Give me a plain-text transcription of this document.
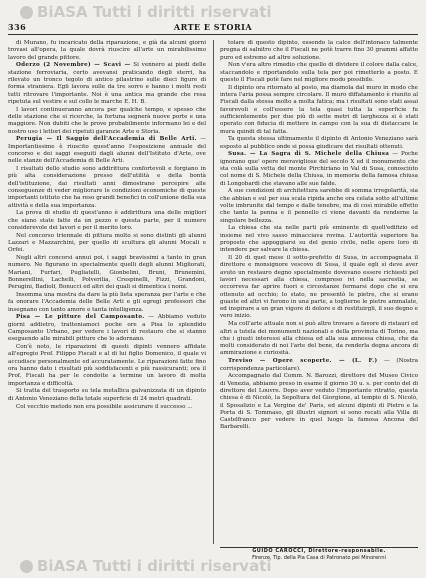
BiASA Tutti i diritti riservati
336	ARTE E STORIA

di Murano, fu incaricato della riparazione, e già da alcuni giorni trovasi all'opera, la quale dovrà riuscire all'arte un mirabilissimo lavoro del grande pittore.

Oderzo (2 Novembre) — Scavi — Si vennero ai piedi delle stazione ferroviaria, certo avevansi praticando degli sterri, ha rilevato un tronco tegolo di antico pilastrino sulle dieci figure di forma straniera. Egli lavora sulle da tre sorro e hanno i molti resti tutti ritrovare l'importante. Noi è una antica ma grande che resa ripetuta sul vestire e sul collo le marche E. H. B.

I lavori continueranno ancora per qualche tempo, e spesso che delle stazione che si ricerche, la fortuna segnerà nuove porte e una maggiore. Non dubiti che le prove probabilmente informano lei e del nostro uso i lettori dei ripetuti garanzie Arte e Storia.

Perugia — Il Saggio dell'Accademia di Belle Arti. — Importantissime è riuscito quest'anno l'esposizione annuale del concorso e dei saggi eseguiti dagli alunni dell'Istituto d'Arte, ove nelle stanze dell'Accademia di Belle Arti.

I risultati dello studio sono addirittura confortevoli e forgiano in più alta considerazione presso dell'utilità e della bontà dell'istituzione, dai risultati anni dimostrano percepire alle conseguenze di veder migliorare le condizioni economiche di queste importanti istituto che ha reso grandi benefici in coll'unione della sua attività e della sua importanza.

La prova di studio di quest'anno è addirittura una delle migliori che siano state fatte da un pezzo e questa parte, per il numero considerevole dei lavori e per il merito loro.

Nel concorso triennale di pittura molto si sono distinti gli alunni Lazzari e Mazzarchini, per quello di scultura gli alunni Mocali e Orfei.

Negli altri concorsi annui poi, i saggi bravissimi a tanto in gran numero. Ne figurano in specialmente quelli degli alunni Migliorati, Mariani, Furfari, Pugliatelli, Gionbelini, Bruni, Brunemini, Bonnerellini, Lachelli, Polverilia, Crespinelli, Fizzi, Grandoni, Perugini, Badioli, Bonucci ed altri dei quali si dimentica i nomi.

Insomma una mostra da dare la più lieta speranza per l'arte e che fa onorare l'Accademia delle Belle Arti e gli egregi professori che insegnano con tanto amore e tanta intelligenza.

Pisa — Le pitture del Camposanto. — Abbiamo veduto giorni addietro, tratteniamoci poche ore a Pisa lo splendido Camposanto Urbano, per vedere i lavori di restauro che si stanno eseguendo alle mirabili pitture che lo adornano.

Con'è noto, le riparazioni di questi dipinti vennero affidate all'egregio Prof. Filippo Fiscali e al di lui figlio Domenico, il quale vi accudisce personalmente ed accuratamente. Le riparazioni fatte fino ora hanno dato i risultati più soddisfacenti e più rassicuranti; ora il Prof. Fiscali ha per le condotte a termine un lavoro di molta importanza e difficoltà.

Si tratta del trasporto su tela metallica galvanizzata di un dipinto di Antonio Veneziano della totale superficie di 24 metri quadrati.

Col vecchio metodo non era possibile assicurare il successo ...

tolare di questo dipinto, essendo la calce dell'intonaco talmente pregna di salnitro che il Fiscali ne potè trarre fino 30 grammi affatto puro ed estremo ad altre soluzione.

Non v'era altro rimedio che quello di dividere il colore dalla calce, staccandolo e riportandolo sulla tela per poi rimetterlo a posto. E questo il Fiscali potè fare nel migliore modo possibile.

Il dipinto ora ritornato al posto, ma diamola dal muro in modo che intera l'aria possa sempre circolare. Il muro diffatamento è riunito al Fiscali dalla stessa molto a molta fatica; ma i risultati sono stati assai favorevoli e coll'essere la tela quasi tutta la superficie fu sufficientemente per due più di sette metri di larghezza si è stati operato con fiducia di mettere in campo con la sua di distaccare le mura quindi di tal fatta.

Ta questa stessa ultimamente il dipinto di Antonio Veneziano sarà esposto al pubblico onde si possa giudicare dei risultati ottenuti.

Susa. — La Sagra di S. Michele della Chiusa — Poche ignorano que' opere meravigliose del secolo X ed il monumento che sta colà sulla vetta del monte Pirchiriano in Val di Susa, conosciuto col nome di S. Michele della Chiusa, in memoria della famosa chiusa di Longobardi che stavano alle sue falde.

A sue condizioni di architettura sarebbe di somma irregolarità, sia che abbian e sul per sua scala ripida anche ora celata sotto all'ultime volte imbrunite dal tempo e dalle tenebre, ma di così mirabile effetto che tanto la penna e il pennello ci viene davanti da renderne la singolare bellezza.

La chiesa che sia nelle parti più eminente di quell'edifizio ed insieme nel vivo sasso minacciava rovina. L'autorità superiore ha proposto che appoggiarsi su del genio civile, nelle opere loro di intendere per salvare la chiesa.

Il 20 di quel mese il sotto-prefetto di Susa, in accompagnata il direttore e monsignore vescovo di Susa, il quale egli si deve aver avuto un restauro degno specialmente dovevano essere richiesti pel lavori necessari alla chiesa, compreso ivi nella sacrestia, se occorreva far aprire fuori e circostanze fermarsi dopo che si era ottenuto ad occhio; lo stato, ne presentò le pietre, che si erano guaste ed altri vi furono in una parte, a toglierne le pietre ammalate, ed inspirare a un gran vigore di dolore e di restituirgli, il suo degno e vero inizio.

Ma coll'arte attuale non si può altro trovare a favore di ristauri ed altri a tutela dei monumenti nazionali e della provincia di Torino, ma che i giusti interessi alla chiesa ed alla sua annessa chiesa, che da molti considerato di noi l'arte del bene, da renderla degna ancora di ammirazione e curiosità.

Treviso — Opere scoperte. — (L. F.) — (Nostra corrispondenza particolare).

Accompagnato dal Comm. N. Barozzi, direttore del Museo Civico di Venezia, abbiamo preso in esame il giorno 30 u. s. per conto del di direttore del Louvre. Dopo aver veduto l'importante ritratto, questa chiesa è di Nicolò, la Sepoltura del Giorgione, al tempio di S. Nicolò, il Sposalizio e La Vergine de' Paris, ed alcuni dipinti di Pietro e la Porta di S. Tommaso, gli illustri signori si sono recati alla Villa di Castelfranco per vedere in quel luogo la famosa Ancona del Barbarelli.

GUIDO CAROCCI, Direttore-responsabile.
Firenze, Tip. della Pia Casa di Patronato pei Minorenni
BiASA Tutti i diritti riservati
